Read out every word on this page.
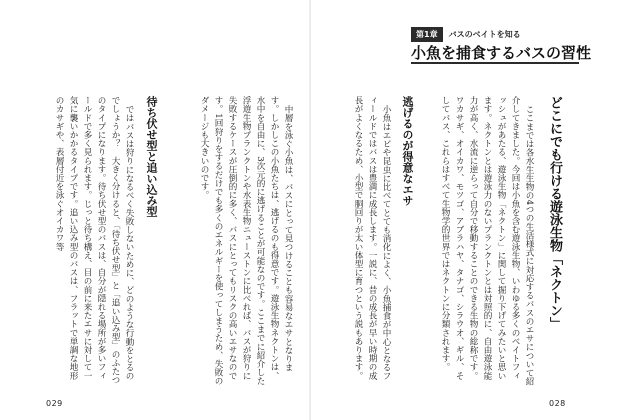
第1章	バスのベイトを知る
小魚を捕食するバスの習性
どこにでも行ける遊泳生物「ネクトン」
ここまでは各水生生物の4つの生活様式に対応するバスのエサについて紹介してきました。今回は小魚を含む遊泳生物、いわゆる多くのベイトフィッシュがあたる、遊泳生物「ネクトン」に関して掘り下げてみたいと思います。ネクトンとは遊泳力のないプランクトンとは対照的に、自由遊泳能力が高く、水流に逆らって自分で移動することのできる生物の総称です。ワカサギ、オイカワ、モツゴ、アブラハヤ、タナゴ、シラウオ、ギル、そしてバス、これらはすべて生物学的世界ではネクトンに分類されます。
逃げるのが得意なエサ
小魚はエビや昆虫に比べてとても消化によく、小魚捕食が中心となるフィールドではバスは豊満に成長します。一説に、昔の成長が早い時期の成長がよくなるため、小型で胴回りが太い体型に育つという説もあります。
中層を泳ぐ小魚は、バスにとって見つけることも容易なエサとなります。しかしこの小魚たちは、逃げるのも得意です。遊泳生物ネクトンは、水中を自由に、3次元的に逃げることが可能なのです。ここまでに紹介した浮遊生物プランクトンや水表生物ニューストンに比べれば、バスが狩りに失敗するケースが圧倒的に多く、バスにとってもリスクの高いエサなのです。1回狩りをするだけでも多くのエネルギーを使ってしまうため、失敗のダメージも大きいのです。
待ち伏せ型と追い込み型
ではバスは狩りになるべく失敗しないために、どのような行動をとるのでしょうか？　大きく分けると、「待ち伏せ型」と「追い込み型」のふたつのタイプになります。待ち伏せ型のバスは、自分が隠れる場所が多いフィールドで多く見られます。じっと待ち構え、目の前に来たエサに対して一気に襲いかかるタイプです。追い込み型のバスは、フラットで単調な地形のカサギや、表層付近を泳ぐオイカワ等
029	028
